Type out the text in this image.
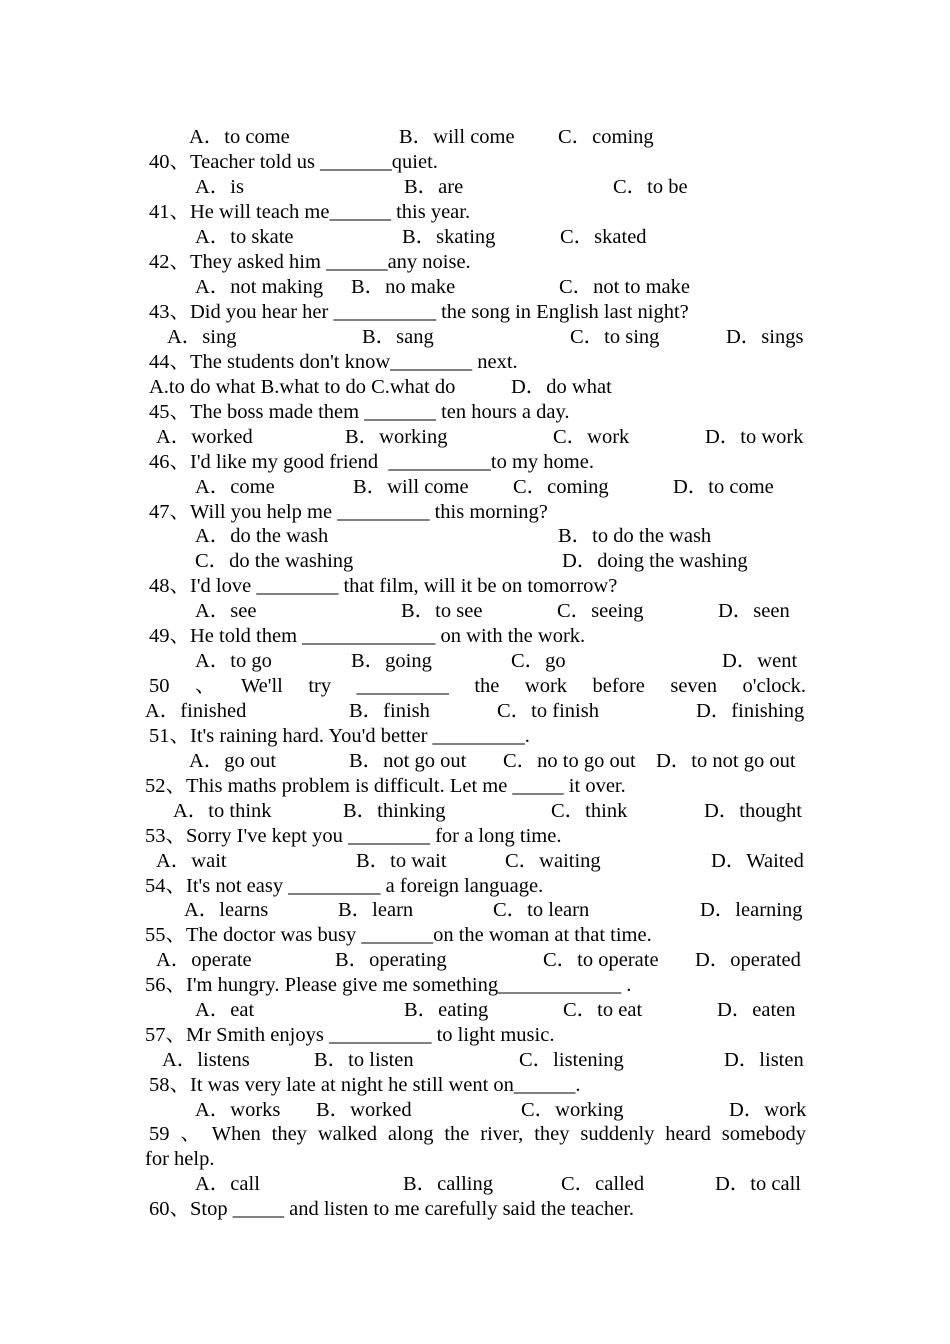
A．to come

	B．will come

C．coming

40、Teacher told us _______quiet.

A．is

	B．are

	C．to be

41、He will teach me______ this year.

A．to skate

	B．skating

	C．skated

42、They asked him ______any noise.

A．not making

B．no make

	C．not to make

43、Did you hear her __________ the song in English last night?

A．sing

	B．sang

	C．to sing

	D．sings

44、The students don't know________ next.

A.to do what B.what to do C.what do

	D．do what

45、The boss made them _______ ten hours a day.

A．worked

	B．working

	C．work

	D．to work

46、I'd like my good friend  __________to my home.

A．come

	B．will come

C．coming

	D．to come

47、Will you help me _________ this morning?

A．do the wash

	B．to do the wash

C．do the washing

	D．doing the washing

48、I'd love ________ that film, will it be on tomorrow?

A．see

	B．to see

	C．seeing

	D．seen

49、He told them _____________ on with the work.

A．to go

	B．going

	C．go

	D．went

50 、 We'll try _________ the work before seven o'clock.

A．finished

	B．finish

	C．to finish

	D．finishing

51、It's raining hard. You'd better _________.

A．go out

	B．not go out

C．no to go out

D．to not go out

52、This maths problem is difficult. Let me _____ it over.

A．to think

	B．thinking

	C．think

	D．thought

53、Sorry I've kept you ________ for a long time.

A．wait

	B．to wait

	C．waiting

	D．Waited

54、It's not easy _________ a foreign language.

A．learns

	B．learn

	C．to learn

	D．learning

55、The doctor was busy _______on the woman at that time.

A．operate

	B．operating

	C．to operate

D．operated

56、I'm hungry. Please give me something____________ .

A．eat

	B．eating

	C．to eat

	D．eaten

57、Mr Smith enjoys __________ to light music.

A．listens

	B．to listen

	C．listening

	D．listen

58、It was very late at night he still went on______.

A．works

B．worked

	C．working

	D．work

59 、 When they walked along the river, they suddenly heard somebody

for help.

A．call

	B．calling

	C．called

	D．to call

60、Stop _____ and listen to me carefully said the teacher.
